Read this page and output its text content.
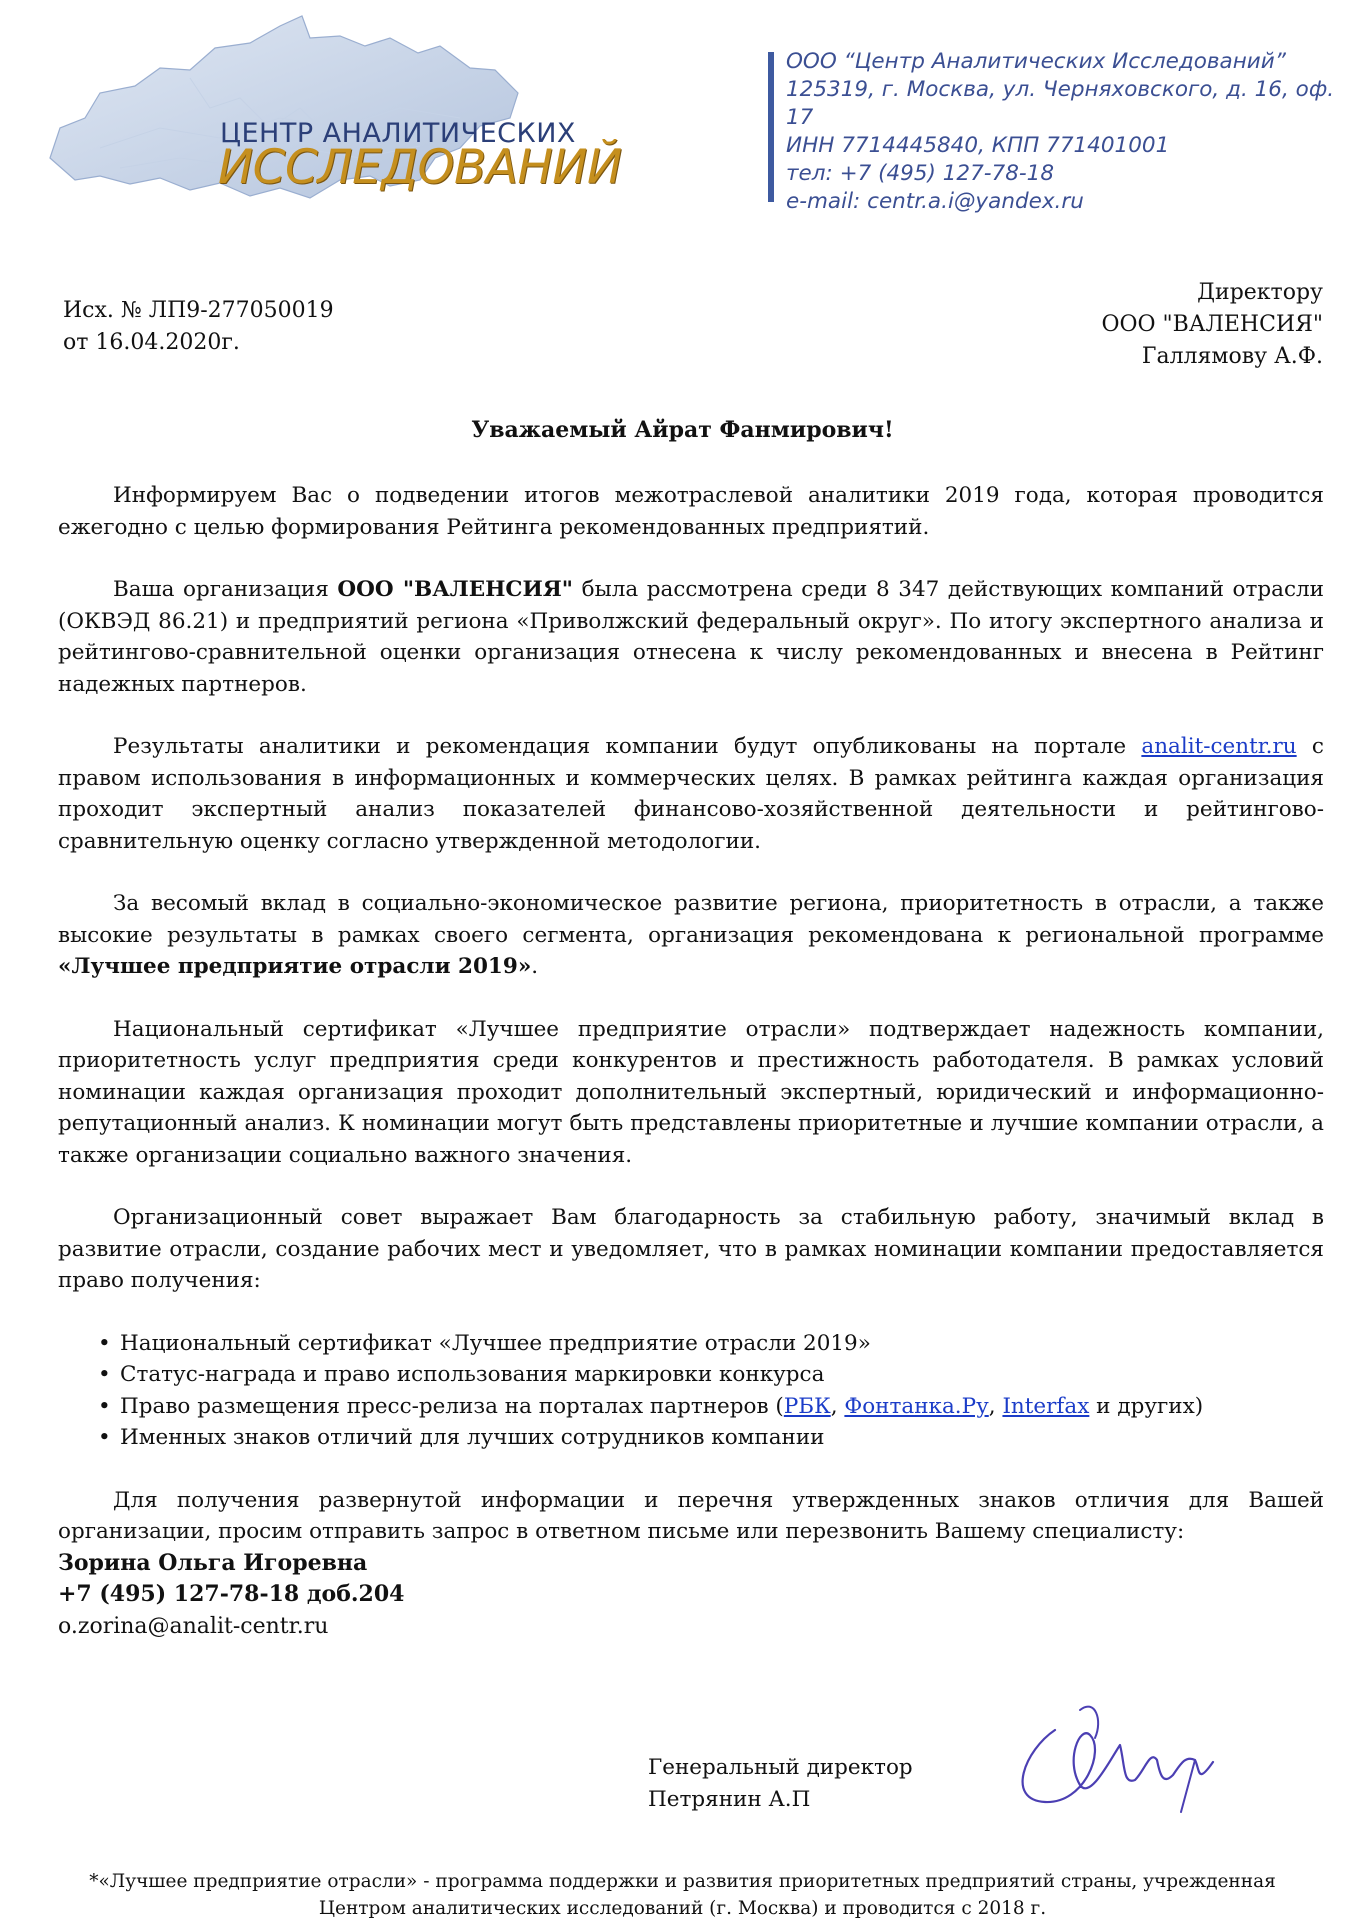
ЦЕНТР АНАЛИТИЧЕСКИХ
ИССЛЕДОВАНИЙ
ООО “Центр Аналитических Исследований”
125319, г. Москва, ул. Черняховского, д. 16, оф. 17
ИНН 7714445840, КПП 771401001
тел: +7 (495) 127-78-18
e-mail: centr.a.i@yandex.ru
Исх. № ЛП9-277050019
от 16.04.2020г.
Директору
ООО "ВАЛЕНСИЯ"
Галлямову А.Ф.
Уважаемый Айрат Фанмирович!

Информируем Вас о подведении итогов межотраслевой аналитики 2019 года, которая проводится ежегодно с целью формирования Рейтинга рекомендованных предприятий.

Ваша организация ООО "ВАЛЕНСИЯ" была рассмотрена среди 8 347 действующих компаний отрасли (ОКВЭД 86.21) и предприятий региона «Приволжский федеральный округ». По итогу экспертного анализа и рейтингово-сравнительной оценки организация отнесена к числу рекомендованных и внесена в Рейтинг надежных партнеров.

Результаты аналитики и рекомендация компании будут опубликованы на портале analit-centr.ru с правом использования в информационных и коммерческих целях. В рамках рейтинга каждая организация проходит экспертный анализ показателей финансово-хозяйственной деятельности и рейтингово-сравнительную оценку согласно утвержденной методологии.

За весомый вклад в социально-экономическое развитие региона, приоритетность в отрасли, а также высокие результаты в рамках своего сегмента, организация рекомендована к региональной программе «Лучшее предприятие отрасли 2019».

Национальный сертификат «Лучшее предприятие отрасли» подтверждает надежность компании, приоритетность услуг предприятия среди конкурентов и престижность работодателя. В рамках условий номинации каждая организация проходит дополнительный экспертный, юридический и информационно-репутационный анализ. К номинации могут быть представлены приоритетные и лучшие компании отрасли, а также организации социально важного значения.

Организационный совет выражает Вам благодарность за стабильную работу, значимый вклад в развитие отрасли, создание рабочих мест и уведомляет, что в рамках номинации компании предоставляется право получения:

• Национальный сертификат «Лучшее предприятие отрасли 2019»
• Статус-награда и право использования маркировки конкурса
• Право размещения пресс-релиза на порталах партнеров (РБК, Фонтанка.Ру, Interfax и других)
• Именных знаков отличий для лучших сотрудников компании

Для получения развернутой информации и перечня утвержденных знаков отличия для Вашей организации, просим отправить запрос в ответном письме или перезвонить Вашему специалисту:

Зорина Ольга Игоревна
+7 (495) 127-78-18 доб.204
o.zorina@analit-centr.ru
Генеральный директор
Петрянин А.П
*«Лучшее предприятие отрасли» - программа поддержки и развития приоритетных предприятий страны, учрежденная
Центром аналитических исследований (г. Москва) и проводится с 2018 г.
